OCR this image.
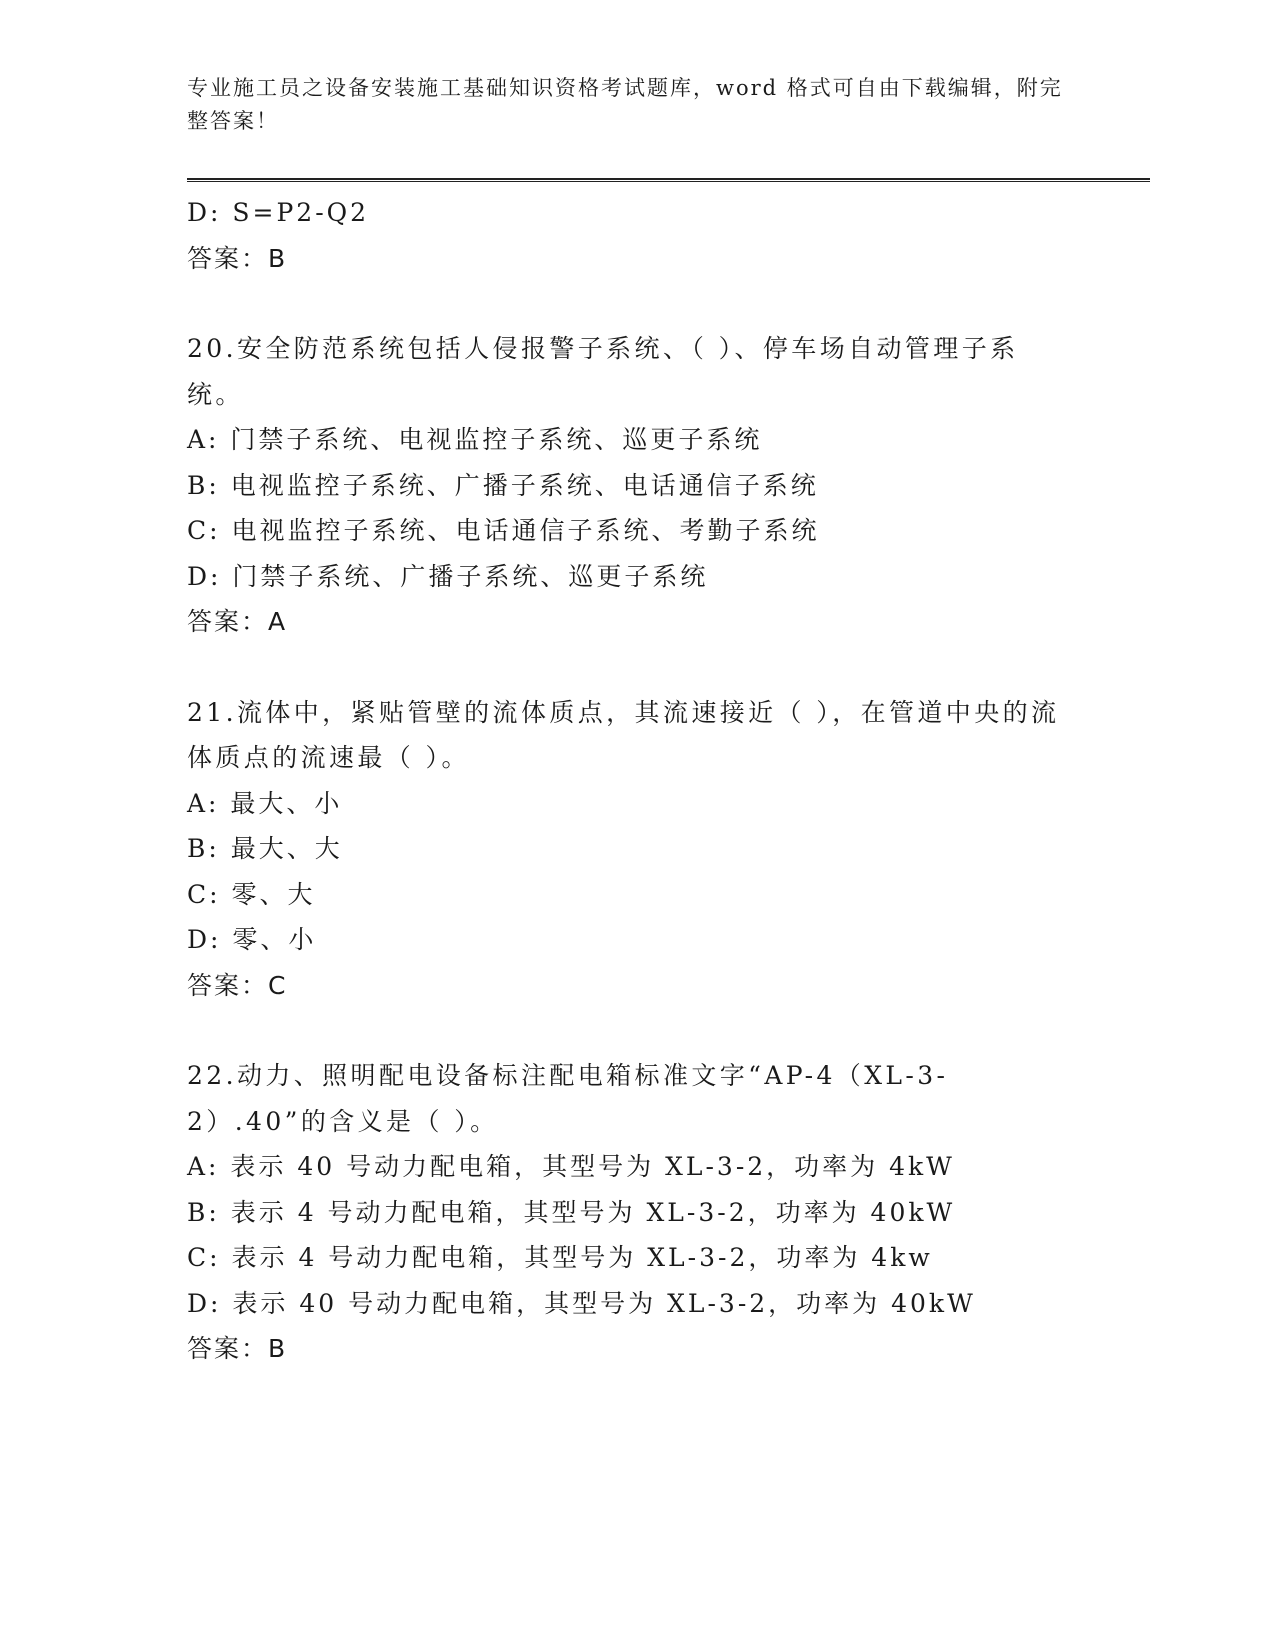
专业施工员之设备安装施工基础知识资格考试题库，word 格式可自由下载编辑，附完整答案！
D: S=P2-Q2
答案：B
20.安全防范系统包括人侵报警子系统、（ ）、停车场自动管理子系统。
A: 门禁子系统、电视监控子系统、巡更子系统
B: 电视监控子系统、广播子系统、电话通信子系统
C: 电视监控子系统、电话通信子系统、考勤子系统
D: 门禁子系统、广播子系统、巡更子系统
答案：A
21.流体中，紧贴管壁的流体质点，其流速接近（ ），在管道中央的流体质点的流速最（ ）。
A: 最大、小
B: 最大、大
C: 零、大
D: 零、小
答案：C
22.动力、照明配电设备标注配电箱标准文字“AP-4（XL-3-2）.40”的含义是（ ）。
A: 表示 40 号动力配电箱，其型号为 XL-3-2，功率为 4kW
B: 表示 4 号动力配电箱，其型号为 XL-3-2，功率为 40kW
C: 表示 4 号动力配电箱，其型号为 XL-3-2，功率为 4kw
D: 表示 40 号动力配电箱，其型号为 XL-3-2，功率为 40kW
答案：B
